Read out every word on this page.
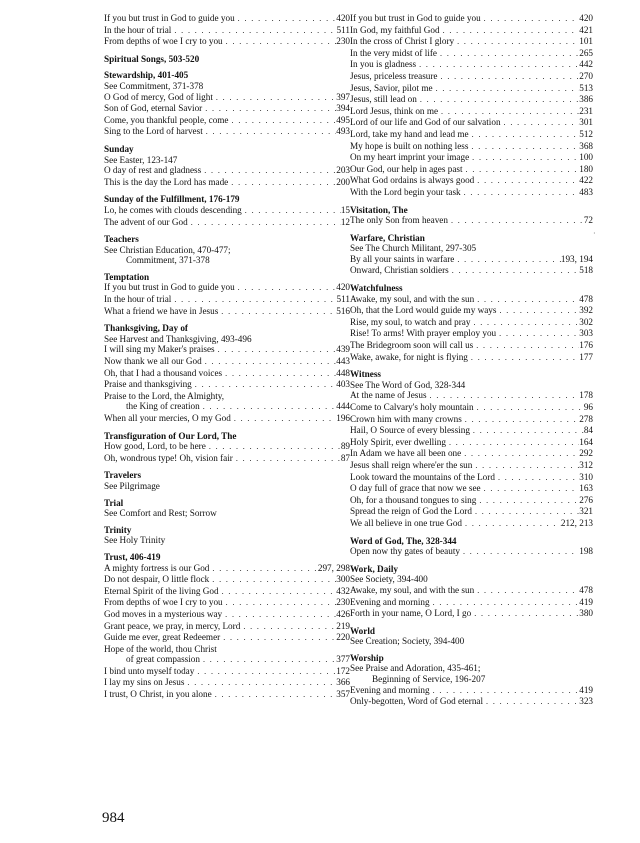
If you but trust in God to guide you . . .	420
In the hour of trial . . .	511
From depths of woe I cry to you . . .	230
Spiritual Songs, 503-520
Stewardship, 401-405
See Commitment, 371-378
O God of mercy, God of light . . .	397
Son of God, eternal Savior . . .	394
Come, you thankful people, come . . .	495
Sing to the Lord of harvest . . .	493
Sunday
See Easter, 123-147
O day of rest and gladness . . .	203
This is the day the Lord has made . . .	200
Sunday of the Fulfillment, 176-179
Lo, he comes with clouds descending . . .	15
The advent of our God . . .	12
Teachers
See Christian Education, 470-477;
Commitment, 371-378
Temptation
If you but trust in God to guide you . . .	420
In the hour of trial . . .	511
What a friend we have in Jesus . . .	516
Thanksgiving, Day of
See Harvest and Thanksgiving, 493-496
I will sing my Maker's praises . . .	439
Now thank we all our God . . .	443
Oh, that I had a thousand voices . . .	448
Praise and thanksgiving . . .	403
Praise to the Lord, the Almighty,
the King of creation . . .	444
When all your mercies, O my God . . .	196
Transfiguration of Our Lord, The
How good, Lord, to be here . . .	89
Oh, wondrous type! Oh, vision fair . . .	87
Travelers
See Pilgrimage
Trial
See Comfort and Rest; Sorrow
Trinity
See Holy Trinity
Trust, 406-419
A mighty fortress is our God . . .	297, 298
Do not despair, O little flock . . .	300
Eternal Spirit of the living God . . .	432
From depths of woe I cry to you . . .	230
God moves in a mysterious way . . .	426
Grant peace, we pray, in mercy, Lord . . .	219
Guide me ever, great Redeemer . . .	220
Hope of the world, thou Christ
of great compassion . . .	377
I bind unto myself today . . .	172
I lay my sins on Jesus . . .	366
I trust, O Christ, in you alone . . .	357
If you but trust in God to guide you . . .	420
In God, my faithful God . . .	421
In the cross of Christ I glory . . .	101
In the very midst of life . . .	265
In you is gladness . . .	442
Jesus, priceless treasure . . .	270
Jesus, Savior, pilot me . . .	513
Jesus, still lead on . . .	386
Lord Jesus, think on me . . .	231
Lord of our life and God of our salvation . . .	301
Lord, take my hand and lead me . . .	512
My hope is built on nothing less . . .	368
On my heart imprint your image . . .	100
Our God, our help in ages past . . .	180
What God ordains is always good . . .	422
With the Lord begin your task . . .	483
Visitation, The
The only Son from heaven . . .	72
Warfare, Christian
See The Church Militant, 297-305
By all your saints in warfare . . .	193, 194
Onward, Christian soldiers . . .	518
Watchfulness
Awake, my soul, and with the sun . . .	478
Oh, that the Lord would guide my ways . . .	392
Rise, my soul, to watch and pray . . .	302
Rise! To arms! With prayer employ you . . .	303
The Bridegroom soon will call us . . .	176
Wake, awake, for night is flying . . .	177
Witness
See The Word of God, 328-344
At the name of Jesus . . .	178
Come to Calvary's holy mountain . . .	96
Crown him with many crowns . . .	278
Hail, O Source of every blessing . . .	84
Holy Spirit, ever dwelling . . .	164
In Adam we have all been one . . .	292
Jesus shall reign where'er the sun . . .	312
Look toward the mountains of the Lord . . .	310
O day full of grace that now we see . . .	163
Oh, for a thousand tongues to sing . . .	276
Spread the reign of God the Lord . . .	321
We all believe in one true God . . .	212, 213
Word of God, The, 328-344
Open now thy gates of beauty . . .	198
Work, Daily
See Society, 394-400
Awake, my soul, and with the sun . . .	478
Evening and morning . . .	419
Forth in your name, O Lord, I go . . .	380
World
See Creation; Society, 394-400
Worship
See Praise and Adoration, 435-461;
Beginning of Service, 196-207
Evening and morning . . .	419
Only-begotten, Word of God eternal . . .	323
·
984
